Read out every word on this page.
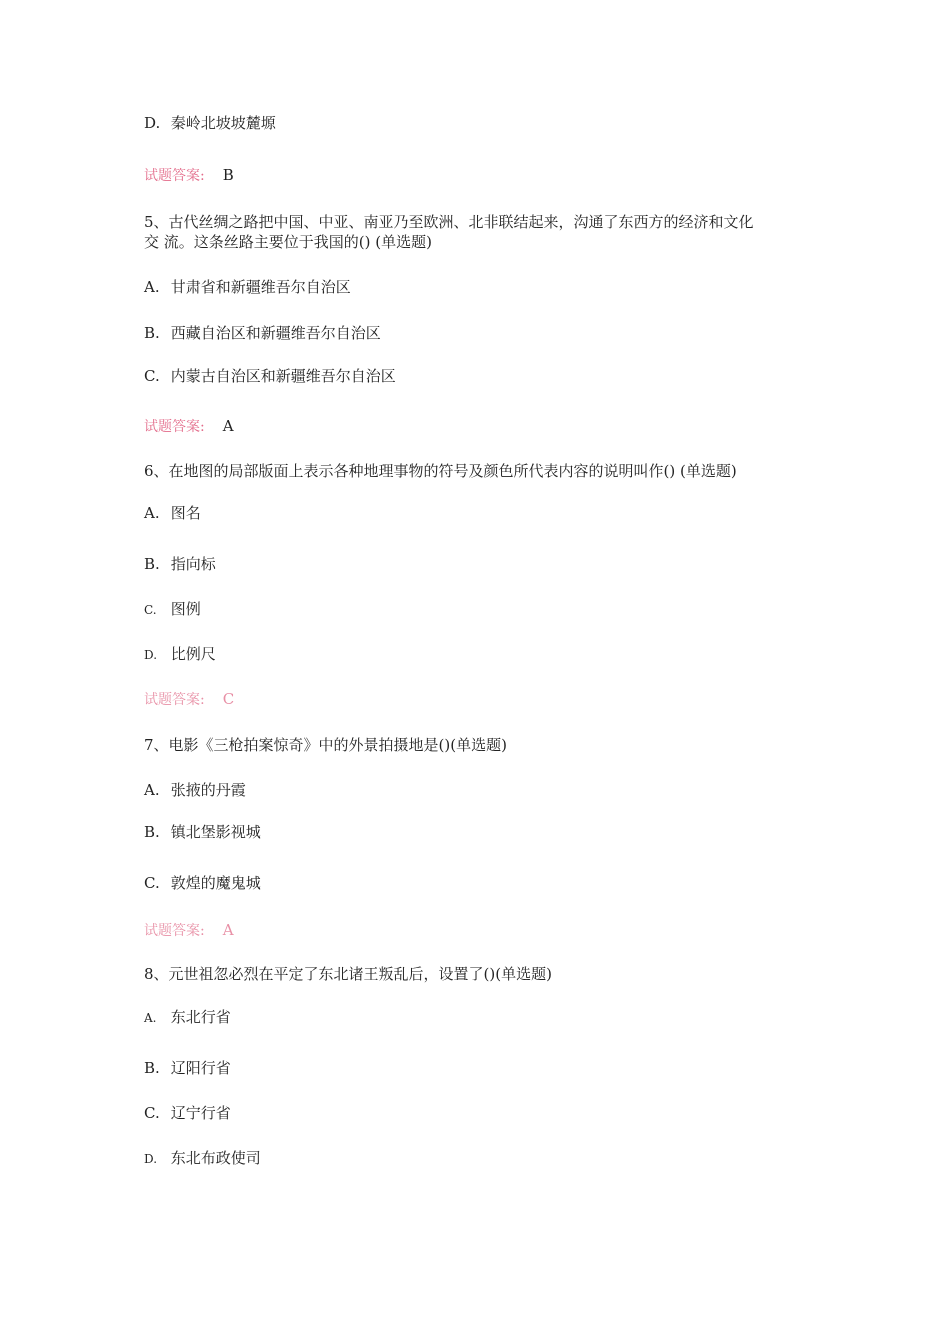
D. 秦岭北坡坡麓塬
试题答案: B
5、古代丝绸之路把中国、中亚、南亚乃至欧洲、北非联结起来，沟通了东西方的经济和文化
交 流。这条丝路主要位于我国的() (单选题)
A. 甘肃省和新疆维吾尔自治区
B. 西藏自治区和新疆维吾尔自治区
C. 内蒙古自治区和新疆维吾尔自治区
试题答案: A
6、在地图的局部版面上表示各种地理事物的符号及颜色所代表内容的说明叫作() (单选题)
A. 图名
B. 指向标
C. 图例
D. 比例尺
试题答案: C
7、电影《三枪拍案惊奇》中的外景拍摄地是()(单选题)
A. 张掖的丹霞
B. 镇北堡影视城
C. 敦煌的魔鬼城
试题答案: A
8、元世祖忽必烈在平定了东北诸王叛乱后，设置了()(单选题)
A. 东北行省
B. 辽阳行省
C. 辽宁行省
D. 东北布政使司
